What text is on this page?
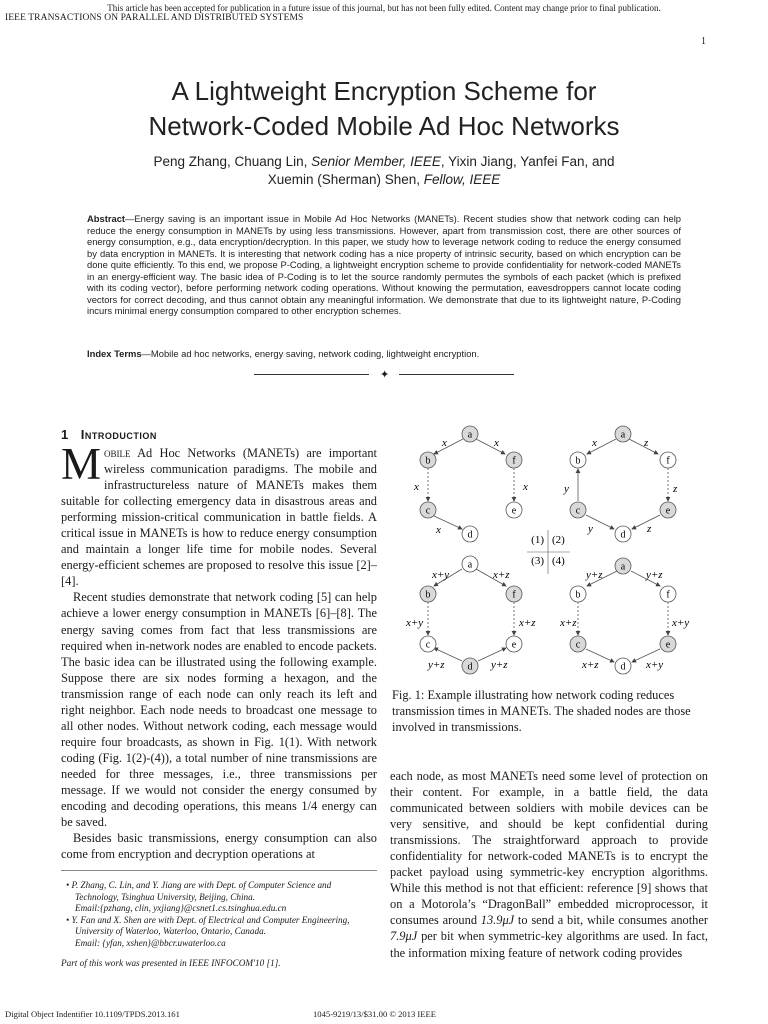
This article has been accepted for publication in a future issue of this journal, but has not been fully edited. Content may change prior to final publication.
IEEE TRANSACTIONS ON PARALLEL AND DISTRIBUTED SYSTEMS
1
A Lightweight Encryption Scheme for
Network-Coded Mobile Ad Hoc Networks
Peng Zhang, Chuang Lin, Senior Member, IEEE, Yixin Jiang, Yanfei Fan, and
Xuemin (Sherman) Shen, Fellow, IEEE
Abstract—Energy saving is an important issue in Mobile Ad Hoc Networks (MANETs). Recent studies show that network coding can help reduce the energy consumption in MANETs by using less transmissions. However, apart from transmission cost, there are other sources of energy consumption, e.g., data encryption/decryption. In this paper, we study how to leverage network coding to reduce the energy consumed by data encryption in MANETs. It is interesting that network coding has a nice property of intrinsic security, based on which encryption can be done quite efficiently. To this end, we propose P-Coding, a lightweight encryption scheme to provide confidentiality for network-coded MANETs in an energy-efficient way. The basic idea of P-Coding is to let the source randomly permutes the symbols of each packet (which is prefixed with its coding vector), before performing network coding operations. Without knowing the permutation, eavesdroppers cannot locate coding vectors for correct decoding, and thus cannot obtain any meaningful information. We demonstrate that due to its lightweight nature, P-Coding incurs minimal energy consumption compared to other encryption schemes.
Index Terms—Mobile ad hoc networks, energy saving, network coding, lightweight encryption.
✦
1 Introduction

Mobile Ad Hoc Networks (MANETs) are important wireless communication paradigms. The mobile and infrastructureless nature of MANETs makes them suitable for collecting emergency data in disastrous areas and performing mission-critical communication in battle fields. A critical issue in MANETs is how to reduce energy consumption and maintain a longer life time for mobile nodes. Several energy-efficient schemes are proposed to resolve this issue [2]–[4].

Recent studies demonstrate that network coding [5] can help achieve a lower energy consumption in MANETs [6]–[8]. The energy saving comes from fact that less transmissions are required when in-network nodes are enabled to encode packets. The basic idea can be illustrated using the following example. Suppose there are six nodes forming a hexagon, and the transmission range of each node can only reach its left and right neighbor. Each node needs to broadcast one message to all other nodes. Without network coding, each message would require four broadcasts, as shown in Fig. 1(1). With network coding (Fig. 1(2)-(4)), a total number of nine transmissions are needed for three messages, i.e., three transmissions per message. If we would not consider the energy consumed by encoding and decoding operations, this means 1/4 energy can be saved.

Besides basic transmissions, energy consumption can also come from encryption and decryption operations at

• P. Zhang, C. Lin, and Y. Jiang are with Dept. of Computer Science and Technology, Tsinghua University, Beijing, China.
Email:{pzhang, clin, yxjiang}@csnet1.cs.tsinghua.edu.cn
• Y. Fan and X. Shen are with Dept. of Electrical and Computer Engineering, University of Waterloo, Waterloo, Ontario, Canada.
Email: {yfan, xshen}@bbcr.uwaterloo.ca
Part of this work was presented in IEEE INFOCOM'10 [1].
x	x
x	x
x
a
b	f
c	e
d
x
y
y
z
z
z
a
b	f
c	e
d
(1) (2)
(3) (4)
x+y	x+z
x+y	x+z
y+z	y+z
a
b	f
c	e
d
y+z	y+z
x+z	x+y
x+z	x+y
a
b	f
c	e
d
Fig. 1: Example illustrating how network coding reduces transmission times in MANETs. The shaded nodes are those involved in transmissions.

each node, as most MANETs need some level of protection on their content. For example, in a battle field, the data communicated between soldiers with mobile devices can be very sensitive, and should be kept confidential during transmissions. The straightforward approach to provide confidentiality for network-coded MANETs is to encrypt the packet payload using symmetric-key encryption algorithms. While this method is not that efficient: reference [9] shows that on a Motorola’s “DragonBall” embedded microprocessor, it consumes around 13.9μJ to send a bit, while consumes another 7.9μJ per bit when symmetric-key algorithms are used. In fact, the information mixing feature of network coding provides

Digital Object Indentifier 10.1109/TPDS.2013.161	1045-9219/13/$31.00 © 2013 IEEE
